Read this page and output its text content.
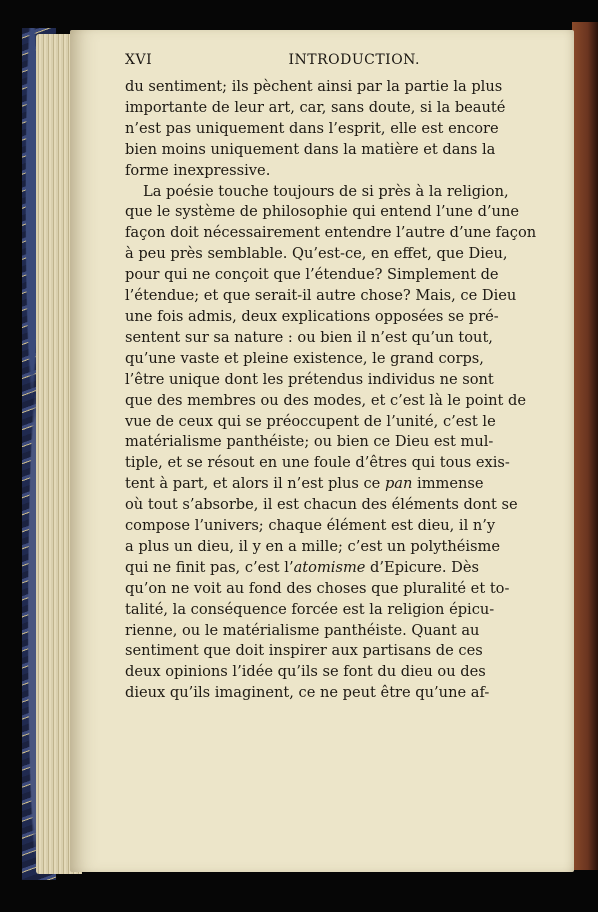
XVI	INTRODUCTION.
du sentiment; ils pèchent ainsi par la partie la plus
importante de leur art, car, sans doute, si la beauté
n’est pas uniquement dans l’esprit, elle est encore
bien moins uniquement dans la matière et dans la
forme inexpressive.
La poésie touche toujours de si près à la religion,
que le système de philosophie qui entend l’une d’une
façon doit nécessairement entendre l’autre d’une façon
à peu près semblable. Qu’est-ce, en effet, que Dieu,
pour qui ne conçoit que l’étendue? Simplement de
l’étendue; et que serait-il autre chose? Mais, ce Dieu
une fois admis, deux explications opposées se pré-
sentent sur sa nature : ou bien il n’est qu’un tout,
qu’une vaste et pleine existence, le grand corps,
l’être unique dont les prétendus individus ne sont
que des membres ou des modes, et c’est là le point de
vue de ceux qui se préoccupent de l’unité, c’est le
matérialisme panthéiste; ou bien ce Dieu est mul-
tiple, et se résout en une foule d’êtres qui tous exis-
tent à part, et alors il n’est plus ce pan immense
où tout s’absorbe, il est chacun des éléments dont se
compose l’univers; chaque élément est dieu, il n’y
a plus un dieu, il y en a mille; c’est un polythéisme
qui ne finit pas, c’est l’atomisme d’Epicure. Dès
qu’on ne voit au fond des choses que pluralité et to-
talité, la conséquence forcée est la religion épicu-
rienne, ou le matérialisme panthéiste. Quant au
sentiment que doit inspirer aux partisans de ces
deux opinions l’idée qu’ils se font du dieu ou des
dieux qu’ils imaginent, ce ne peut être qu’une af-
